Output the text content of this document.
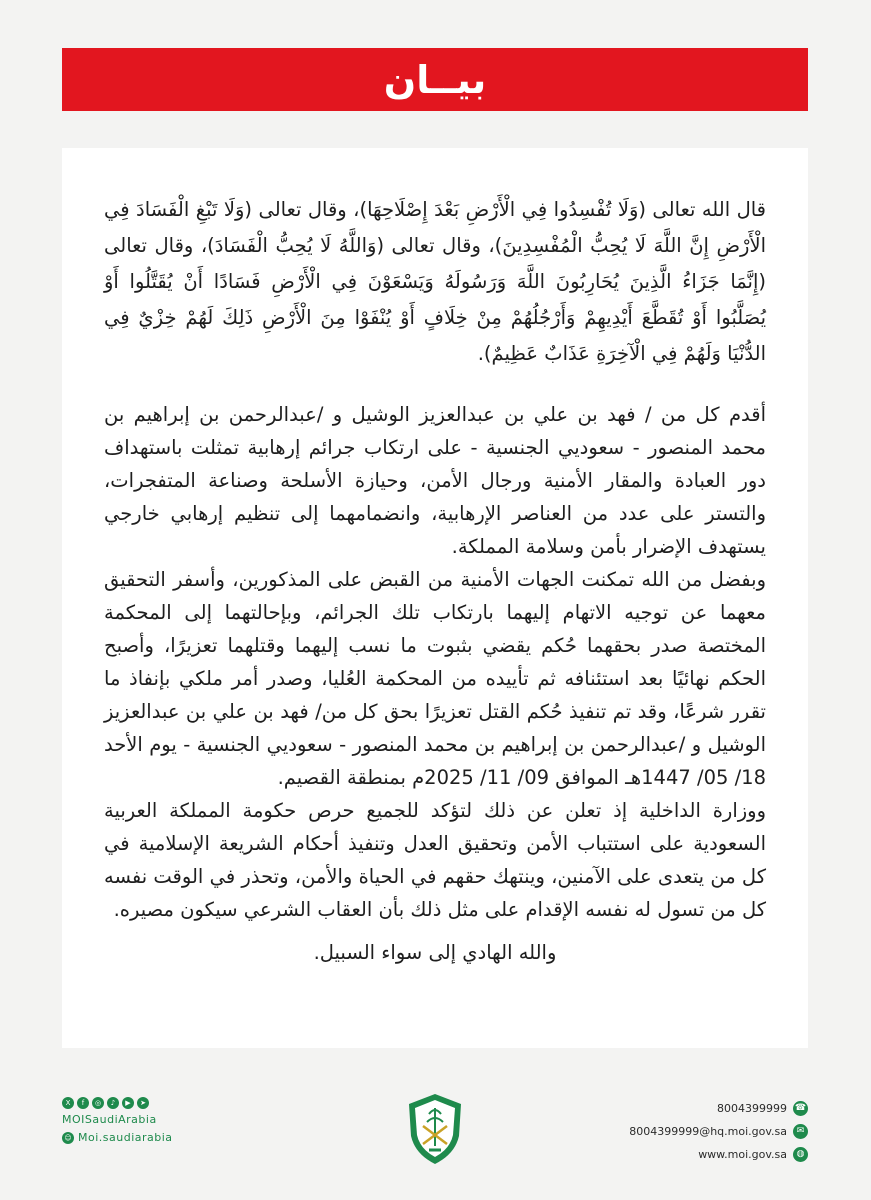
بيــان

قال الله تعالى (وَلَا تُفْسِدُوا فِي الْأَرْضِ بَعْدَ إِصْلَاحِهَا)، وقال تعالى (وَلَا تَبْغِ الْفَسَادَ فِي الْأَرْضِ إِنَّ اللَّهَ لَا يُحِبُّ الْمُفْسِدِينَ)، وقال تعالى (وَاللَّهُ لَا يُحِبُّ الْفَسَادَ)، وقال تعالى (إِنَّمَا جَزَاءُ الَّذِينَ يُحَارِبُونَ اللَّهَ وَرَسُولَهُ وَيَسْعَوْنَ فِي الْأَرْضِ فَسَادًا أَنْ يُقَتَّلُوا أَوْ يُصَلَّبُوا أَوْ تُقَطَّعَ أَيْدِيهِمْ وَأَرْجُلُهُمْ مِنْ خِلَافٍ أَوْ يُنْفَوْا مِنَ الْأَرْضِ ذَلِكَ لَهُمْ خِزْيٌ فِي الدُّنْيَا وَلَهُمْ فِي الْآخِرَةِ عَذَابٌ عَظِيمٌ).

أقدم كل من / فهد بن علي بن عبدالعزيز الوشيل و /عبدالرحمن بن إبراهيم بن محمد المنصور - سعوديي الجنسية - على ارتكاب جرائم إرهابية تمثلت باستهداف دور العبادة والمقار الأمنية ورجال الأمن، وحيازة الأسلحة وصناعة المتفجرات، والتستر على عدد من العناصر الإرهابية، وانضمامهما إلى تنظيم إرهابي خارجي يستهدف الإضرار بأمن وسلامة المملكة.

وبفضل من الله تمكنت الجهات الأمنية من القبض على المذكورين، وأسفر التحقيق معهما عن توجيه الاتهام إليهما بارتكاب تلك الجرائم، وبإحالتهما إلى المحكمة المختصة صدر بحقهما حُكم يقضي بثبوت ما نسب إليهما وقتلهما تعزيرًا، وأصبح الحكم نهائيًا بعد استئنافه ثم تأييده من المحكمة العُليا، وصدر أمر ملكي بإنفاذ ما تقرر شرعًا، وقد تم تنفيذ حُكم القتل تعزيرًا بحق كل من/ فهد بن علي بن عبدالعزيز الوشيل و /عبدالرحمن بن إبراهيم بن محمد المنصور - سعوديي الجنسية - يوم الأحد 18/ 05/ 1447هـ الموافق 09/ 11/ 2025م بمنطقة القصيم.

ووزارة الداخلية إذ تعلن عن ذلك لتؤكد للجميع حرص حكومة المملكة العربية السعودية على استتباب الأمن وتحقيق العدل وتنفيذ أحكام الشريعة الإسلامية في كل من يتعدى على الآمنين، وينتهك حقهم في الحياة والأمن، وتحذر في الوقت نفسه كل من تسول له نفسه الإقدام على مثل ذلك بأن العقاب الشرعي سيكون مصيره.

والله الهادي إلى سواء السبيل.

X	f	◎	♪	▶	➤
MOISaudiArabia
☺ Moi.saudiarabia
8004399999 ☎
8004399999@hq.moi.gov.sa	✉
www.moi.gov.sa	◍
